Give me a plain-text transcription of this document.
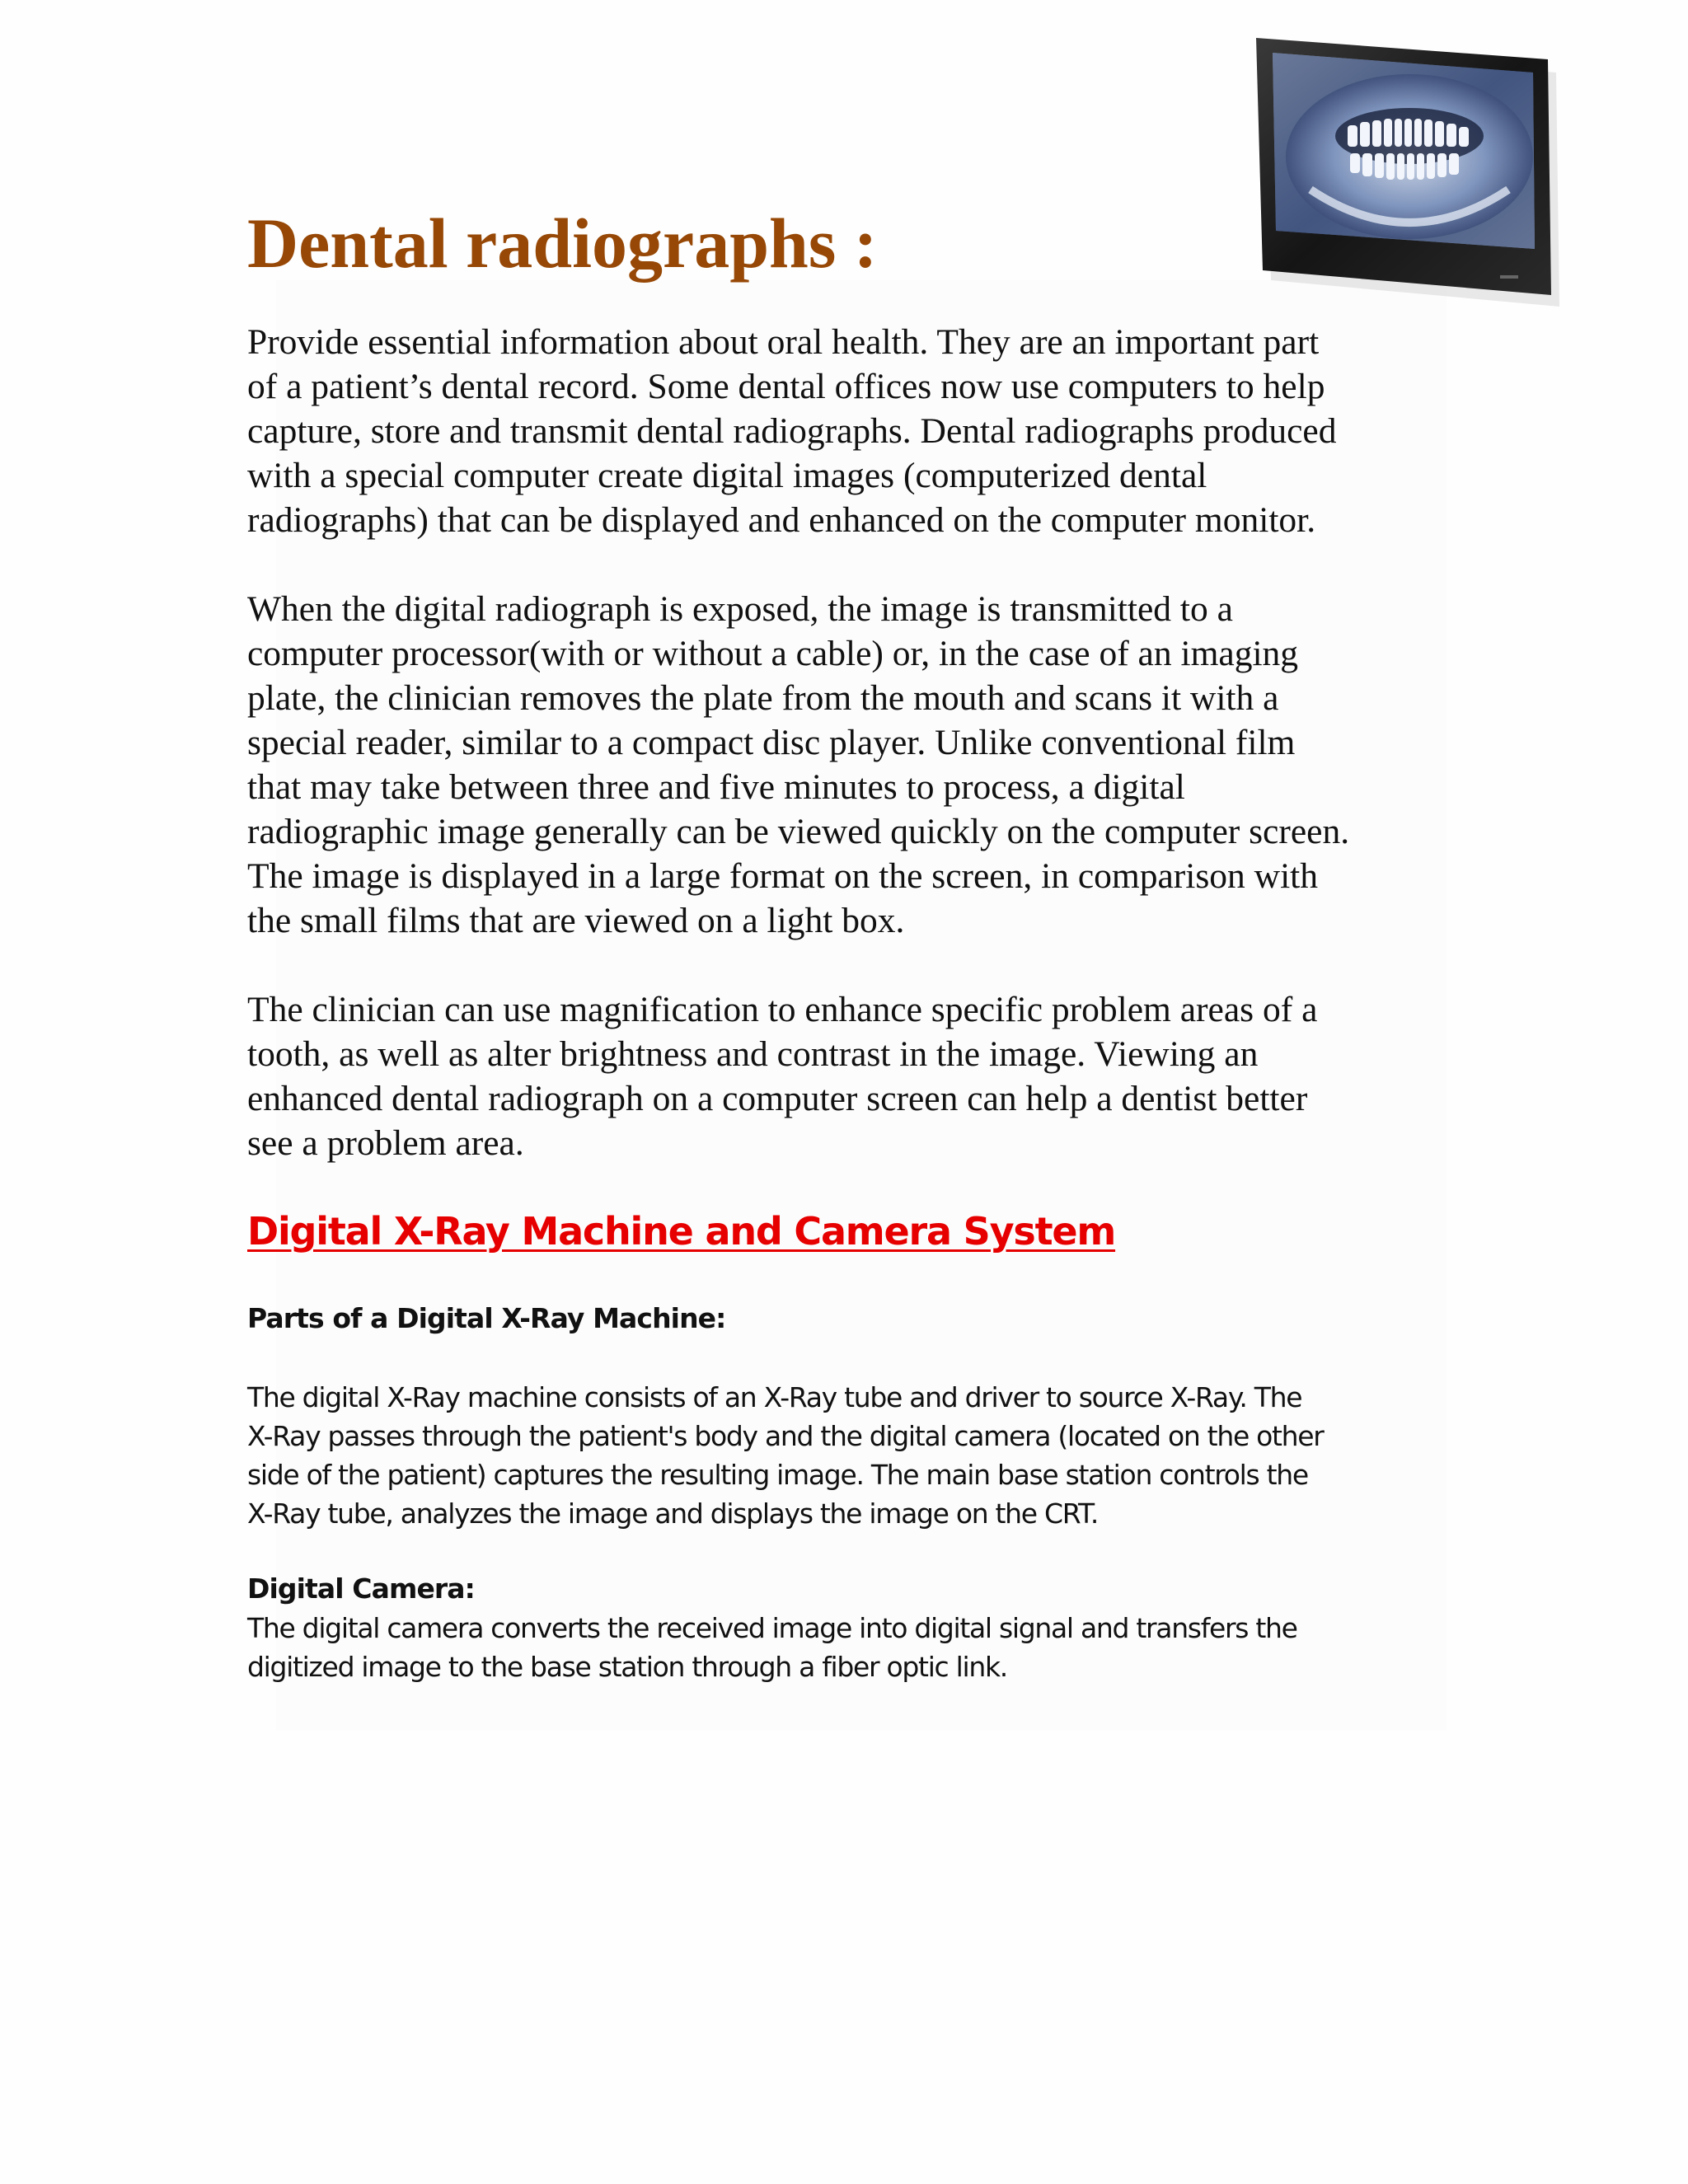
Dental radiographs :

Provide essential information about oral health. They are an important part
of a patient’s dental record. Some dental offices now use computers to help
capture, store and transmit dental radiographs. Dental radiographs produced
with a special computer create digital images (computerized dental
radiographs) that can be displayed and enhanced on the computer monitor.

When the digital radiograph is exposed, the image is transmitted to a
computer processor(with or without a cable) or, in the case of an imaging
plate, the clinician removes the plate from the mouth and scans it with a
special reader, similar to a compact disc player. Unlike conventional film
that may take between three and five minutes to process, a digital
radiographic image generally can be viewed quickly on the computer screen.
The image is displayed in a large format on the screen, in comparison with
the small films that are viewed on a light box.

The clinician can use magnification to enhance specific problem areas of a
tooth, as well as alter brightness and contrast in the image. Viewing an
enhanced dental radiograph on a computer screen can help a dentist better
see a problem area.

Digital X-Ray Machine and Camera System
Parts of a Digital X-Ray Machine:

The digital X-Ray machine consists of an X-Ray tube and driver to source X-Ray. The
X-Ray passes through the patient's body and the digital camera (located on the other
side of the patient) captures the resulting image. The main base station controls the
X-Ray tube, analyzes the image and displays the image on the CRT.

Digital Camera:

The digital camera converts the received image into digital signal and transfers the
digitized image to the base station through a fiber optic link.
